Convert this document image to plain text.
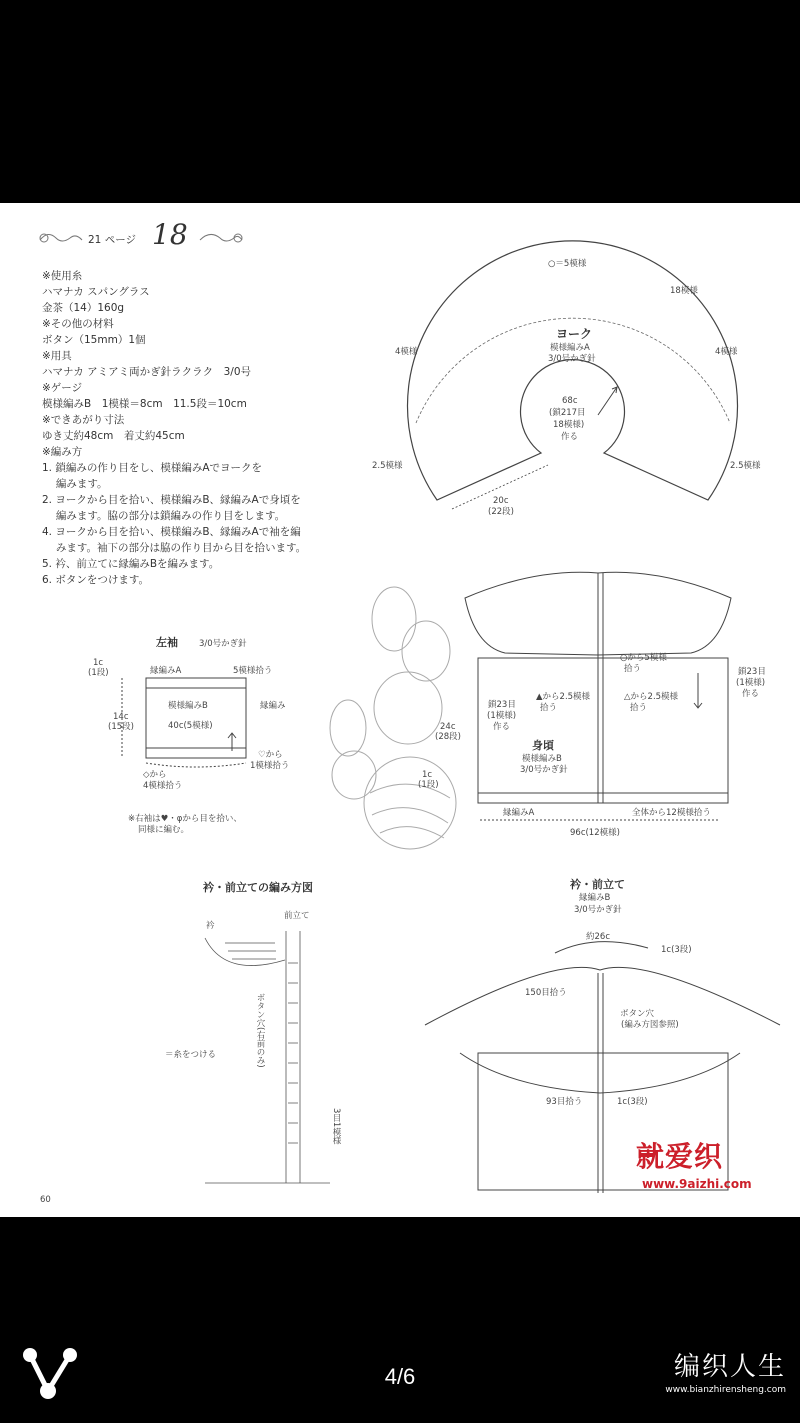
21 ページ 18
※使用糸
ハマナカ スパングラス
金茶（14）160g
※その他の材料
ボタン（15mm）1個
※用具
ハマナカ アミアミ両かぎ針ラクラク　3/0号
※ゲージ
模様編みB　1模様＝8cm　11.5段＝10cm
※できあがり寸法
ゆき丈約48cm　着丈約45cm
※編み方
1. 鎖編みの作り目をし、模様編みAでヨークを
　 編みます。
2. ヨークから目を拾い、模様編みB、縁編みAで身頃を
　 編みます。脇の部分は鎖編みの作り目をします。
4. ヨークから目を拾い、模様編みB、縁編みAで袖を編
　 みます。袖下の部分は脇の作り目から目を拾います。
5. 衿、前立てに縁編みBを編みます。
6. ボタンをつけます。
○＝5模様
18模様
4模様	4模様
2.5模様	2.5模様
ヨーク
模様編みA
3/0号かぎ針
68c
(鎖217目
18模様)
作る
20c
(22段)
左袖 3/0号かぎ針
縁編みA	5模様拾う
1c
(1段)
模様編みB	縁編み
14c
(15段)	40c(5模様)
♡から
1模様拾う
◇から
4模様拾う
※右袖は♥・φから目を拾い、
同様に編む。
○から5模様
拾う	鎖23目
(1模様)
作る
▲から2.5模様
拾う
△から2.5模様
拾う
鎖23目
(1模様)
作る
24c
(28段)
身頃
模様編みB
3/0号かぎ針
1c
(1段)
縁編みA	全体から12模様拾う
96c(12模様)
衿・前立ての編み方図
衿
前立て
ボタン穴(右前のみ)
＝糸をつける
3目1模様
衿・前立て
縁編みB
3/0号かぎ針
約26c
1c(3段)
150目拾う
ボタン穴
(編み方図参照)
93目拾う	1c(3段)
60
就爱织
www.9aizhi.com
4/6	编织人生
www.bianzhirensheng.com
